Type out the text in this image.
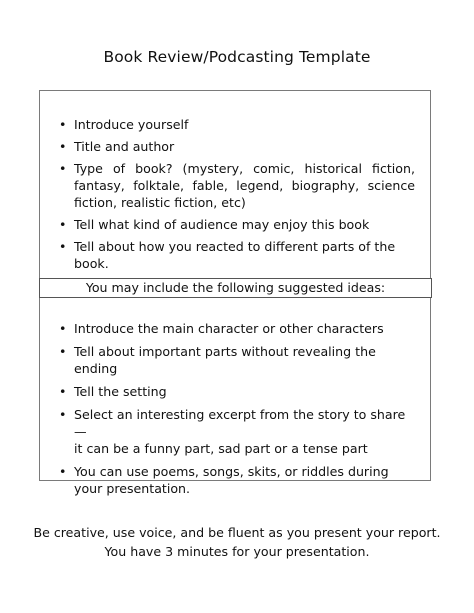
Book Review/Podcasting Template
• Introduce yourself
• Title and author
• Type of book? (mystery, comic, historical fiction, fantasy, folktale, fable, legend, biography, science fiction, realistic fiction, etc)
• Tell what kind of audience may enjoy this book
• Tell about how you reacted to different parts of the book.
You may include the following suggested ideas:
• Introduce the main character or other characters
• Tell about important parts without revealing the ending
• Tell the setting
• Select an interesting excerpt from the story to share—
it can be a funny part, sad part or a tense part
• You can use poems, songs, skits, or riddles during
your presentation.
Be creative, use voice, and be fluent as you present your report.
You have 3 minutes for your presentation.
